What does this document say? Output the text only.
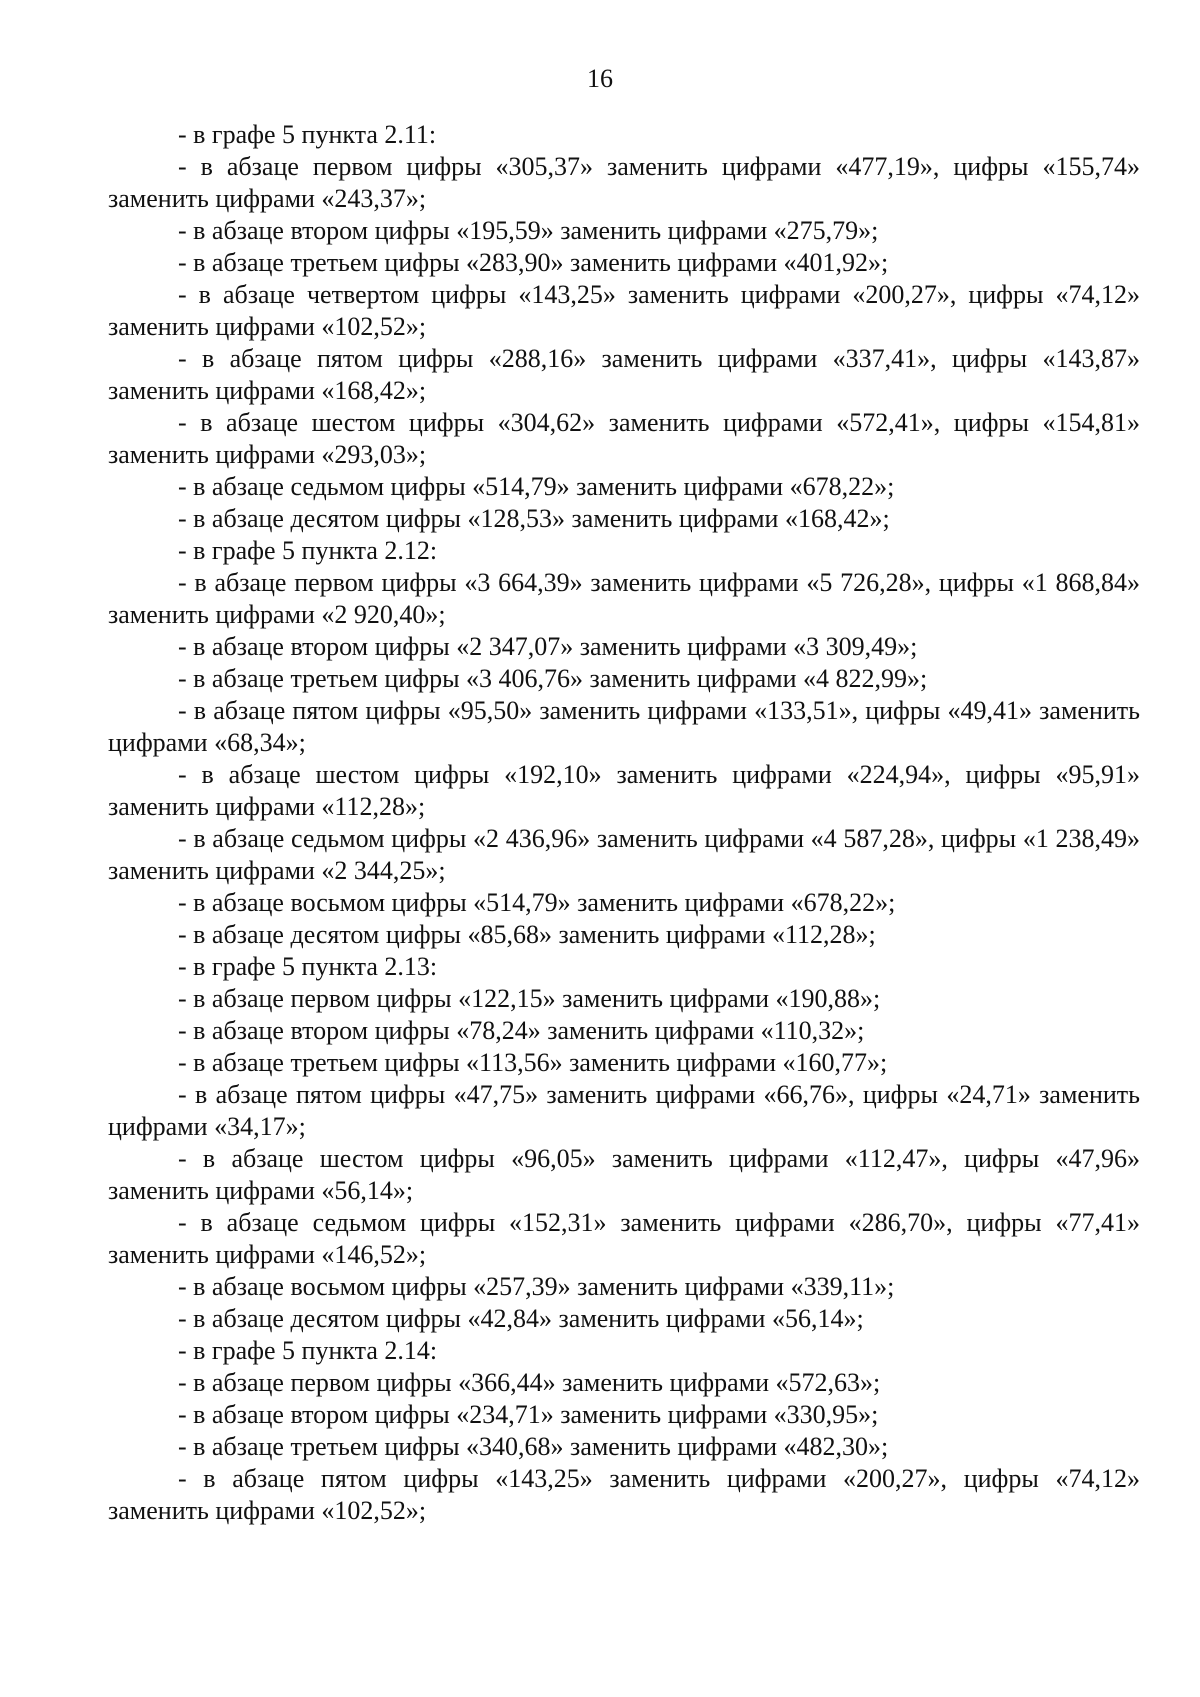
16

- в графе 5 пункта 2.11:

- в абзаце первом цифры «305,37» заменить цифрами «477,19», цифры «155,74» заменить цифрами «243,37»;

- в абзаце втором цифры «195,59» заменить цифрами «275,79»;

- в абзаце третьем цифры «283,90» заменить цифрами «401,92»;

- в абзаце четвертом цифры «143,25» заменить цифрами «200,27», цифры «74,12» заменить цифрами «102,52»;

- в абзаце пятом цифры «288,16» заменить цифрами «337,41», цифры «143,87» заменить цифрами «168,42»;

- в абзаце шестом цифры «304,62» заменить цифрами «572,41», цифры «154,81» заменить цифрами «293,03»;

- в абзаце седьмом цифры «514,79» заменить цифрами «678,22»;

- в абзаце десятом цифры «128,53» заменить цифрами «168,42»;

- в графе 5 пункта 2.12:

- в абзаце первом цифры «3 664,39» заменить цифрами «5 726,28», цифры «1 868,84» заменить цифрами «2 920,40»;

- в абзаце втором цифры «2 347,07» заменить цифрами «3 309,49»;

- в абзаце третьем цифры «3 406,76» заменить цифрами «4 822,99»;

- в абзаце пятом цифры «95,50» заменить цифрами «133,51», цифры «49,41» заменить цифрами «68,34»;

- в абзаце шестом цифры «192,10» заменить цифрами «224,94», цифры «95,91» заменить цифрами «112,28»;

- в абзаце седьмом цифры «2 436,96» заменить цифрами «4 587,28», цифры «1 238,49» заменить цифрами «2 344,25»;

- в абзаце восьмом цифры «514,79» заменить цифрами «678,22»;

- в абзаце десятом цифры «85,68» заменить цифрами «112,28»;

- в графе 5 пункта 2.13:

- в абзаце первом цифры «122,15» заменить цифрами «190,88»;

- в абзаце втором цифры «78,24» заменить цифрами «110,32»;

- в абзаце третьем цифры «113,56» заменить цифрами «160,77»;

- в абзаце пятом цифры «47,75» заменить цифрами «66,76», цифры «24,71» заменить цифрами «34,17»;

- в абзаце шестом цифры «96,05» заменить цифрами «112,47», цифры «47,96» заменить цифрами «56,14»;

- в абзаце седьмом цифры «152,31» заменить цифрами «286,70», цифры «77,41» заменить цифрами «146,52»;

- в абзаце восьмом цифры «257,39» заменить цифрами «339,11»;

- в абзаце десятом цифры «42,84» заменить цифрами «56,14»;

- в графе 5 пункта 2.14:

- в абзаце первом цифры «366,44» заменить цифрами «572,63»;

- в абзаце втором цифры «234,71» заменить цифрами «330,95»;

- в абзаце третьем цифры «340,68» заменить цифрами «482,30»;

- в абзаце пятом цифры «143,25» заменить цифрами «200,27», цифры «74,12» заменить цифрами «102,52»;
